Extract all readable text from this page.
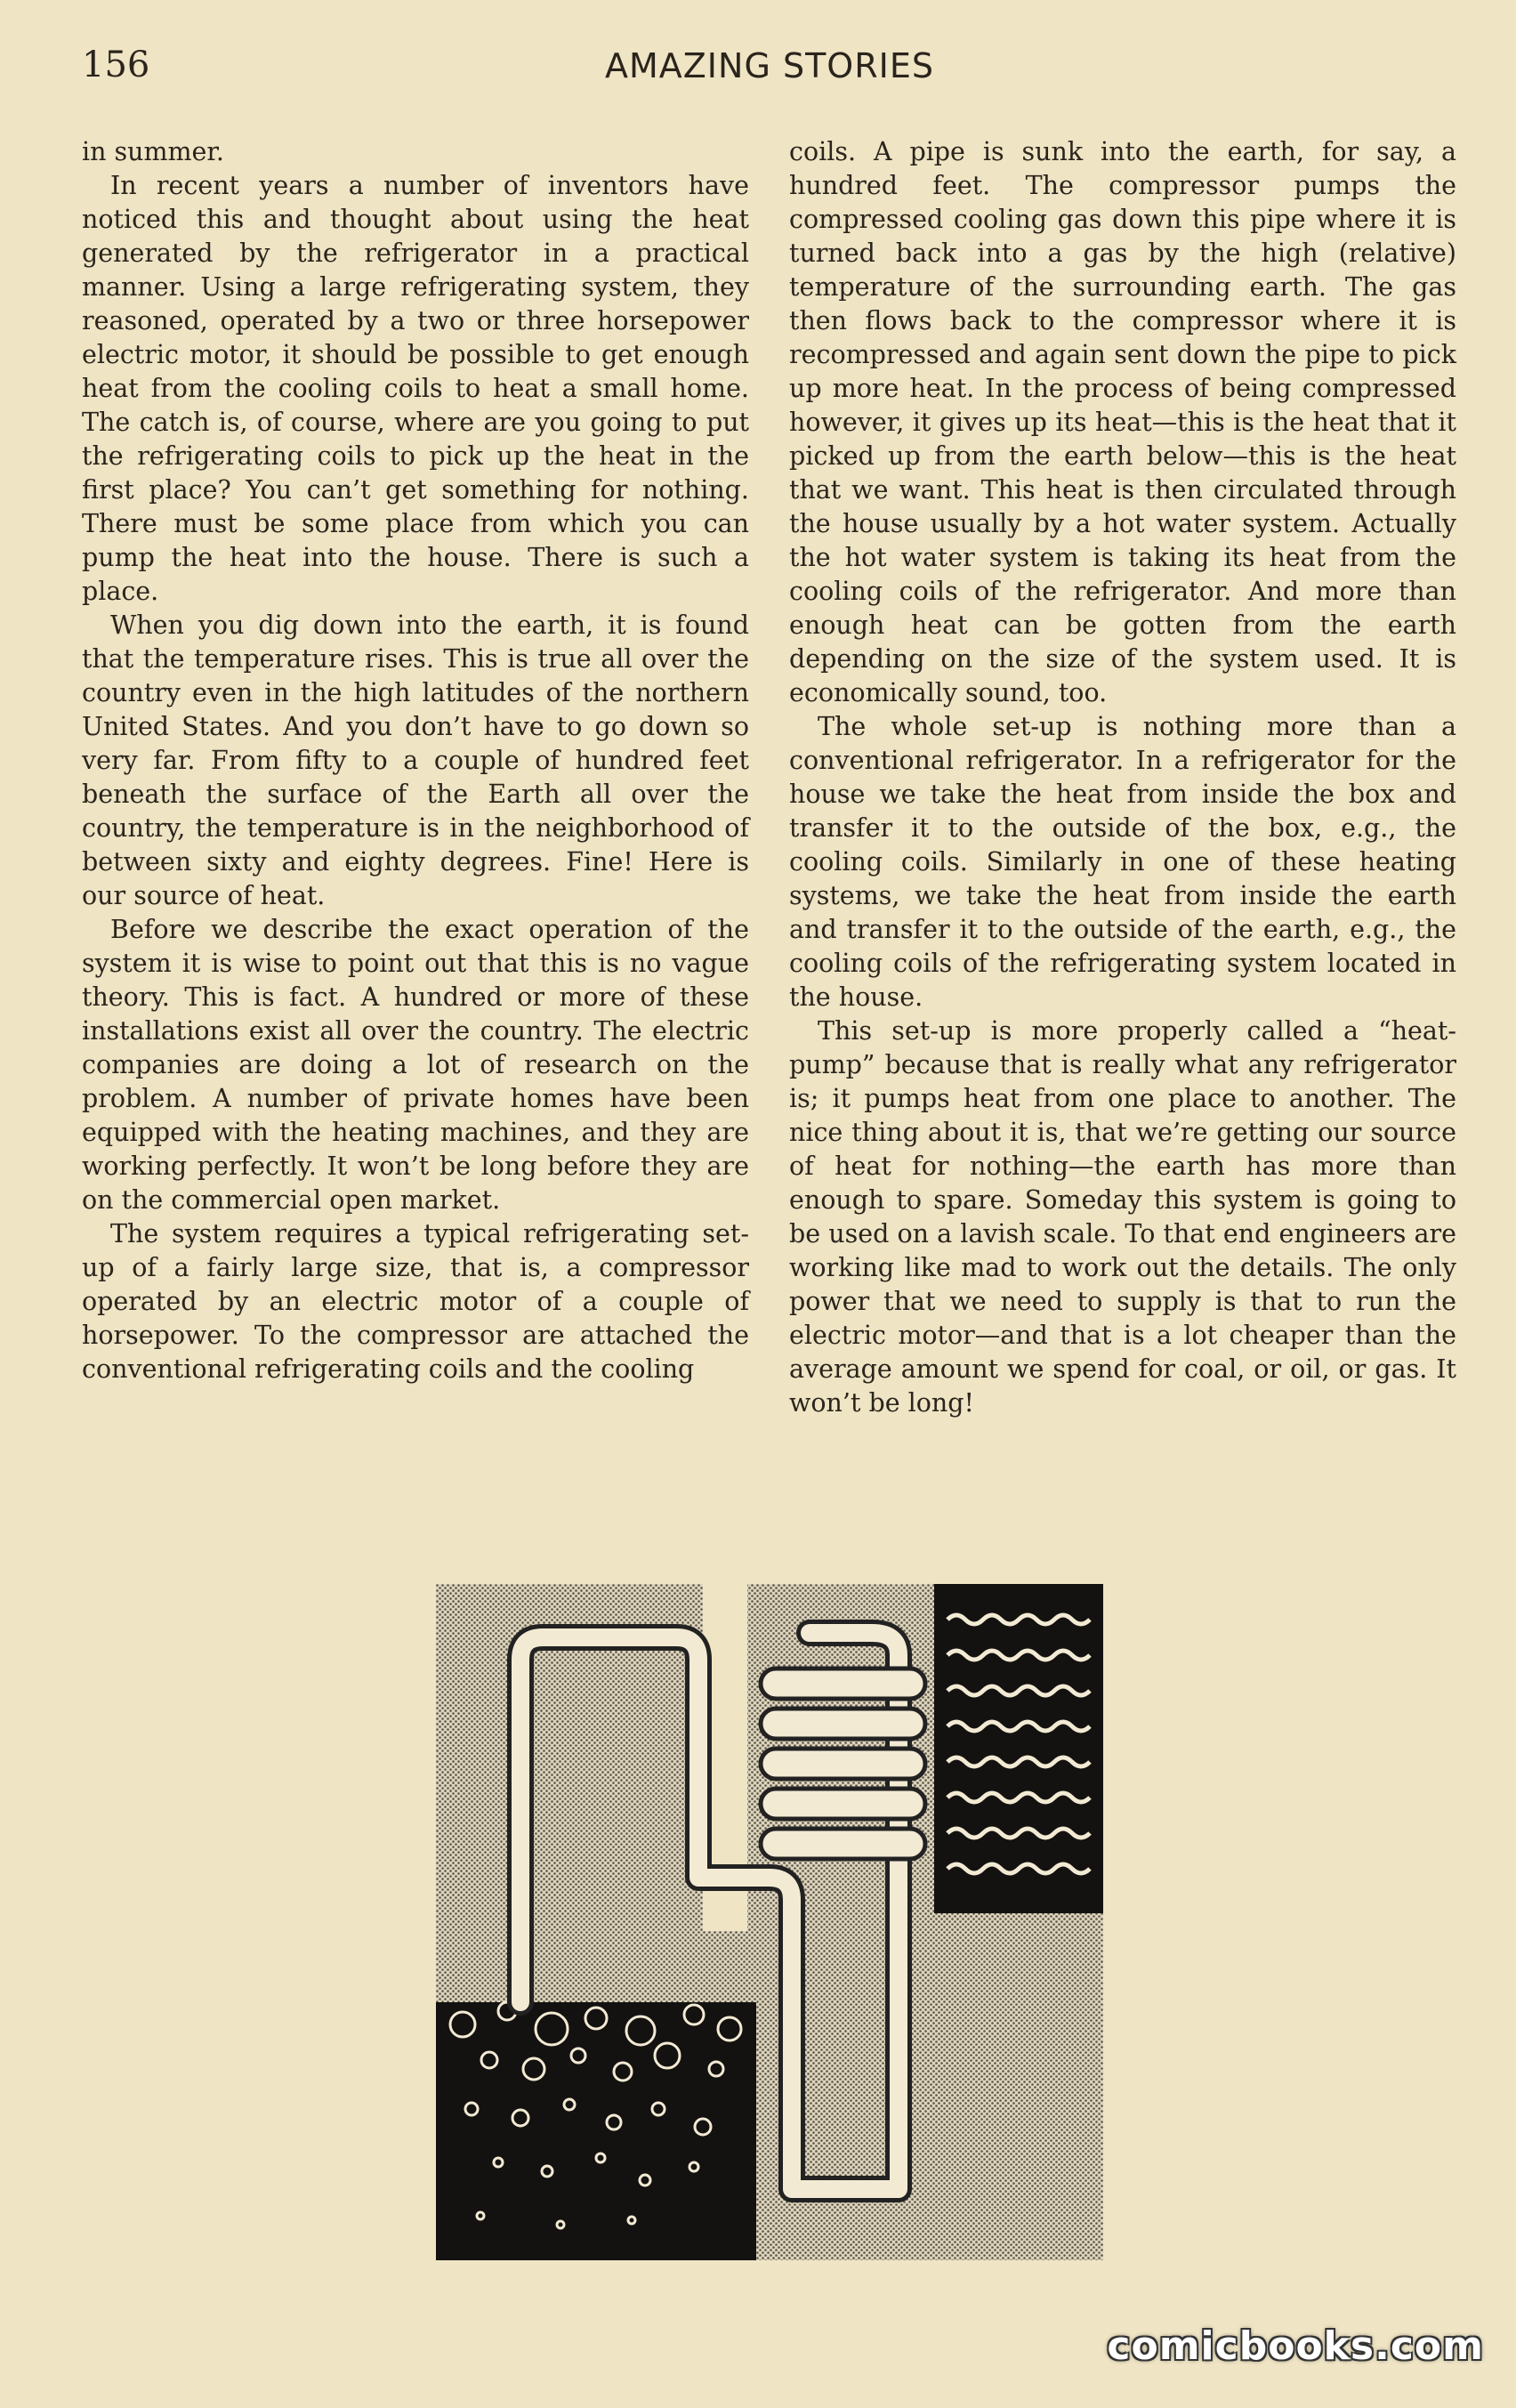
156	AMAZING STORIES

in summer.

In recent years a number of inventors have noticed this and thought about using the heat generated by the refrigerator in a practical manner. Using a large refrigerating system, they reasoned, operated by a two or three horsepower electric motor, it should be possible to get enough heat from the cooling coils to heat a small home. The catch is, of course, where are you going to put the refrigerating coils to pick up the heat in the first place? You can’t get something for nothing. There must be some place from which you can pump the heat into the house. There is such a place.

When you dig down into the earth, it is found that the temperature rises. This is true all over the country even in the high latitudes of the northern United States. And you don’t have to go down so very far. From fifty to a couple of hundred feet beneath the surface of the Earth all over the country, the temperature is in the neighborhood of between sixty and eighty degrees. Fine! Here is our source of heat.

Before we describe the exact operation of the system it is wise to point out that this is no vague theory. This is fact. A hundred or more of these installations exist all over the country. The electric companies are doing a lot of research on the problem. A number of private homes have been equipped with the heating machines, and they are working perfectly. It won’t be long before they are on the commercial open market.

The system requires a typical refrigerating set-up of a fairly large size, that is, a compressor operated by an electric motor of a couple of horsepower. To the compressor are attached the conventional refrigerating coils and the cooling

coils. A pipe is sunk into the earth, for say, a hundred feet. The compressor pumps the compressed cooling gas down this pipe where it is turned back into a gas by the high (relative) temperature of the surrounding earth. The gas then flows back to the compressor where it is recompressed and again sent down the pipe to pick up more heat. In the process of being compressed however, it gives up its heat—this is the heat that it picked up from the earth below—this is the heat that we want. This heat is then circulated through the house usually by a hot water system. Actually the hot water system is taking its heat from the cooling coils of the refrigerator. And more than enough heat can be gotten from the earth depending on the size of the system used. It is economically sound, too.

The whole set-up is nothing more than a conventional refrigerator. In a refrigerator for the house we take the heat from inside the box and transfer it to the outside of the box, e.g., the cooling coils. Similarly in one of these heating systems, we take the heat from inside the earth and transfer it to the outside of the earth, e.g., the cooling coils of the refrigerating system located in the house.

This set-up is more properly called a “heat-pump” because that is really what any refrigerator is; it pumps heat from one place to another. The nice thing about it is, that we’re getting our source of heat for nothing—the earth has more than enough to spare. Someday this system is going to be used on a lavish scale. To that end engineers are working like mad to work out the details. The only power that we need to supply is that to run the electric motor—and that is a lot cheaper than the average amount we spend for coal, or oil, or gas. It won’t be long!

comicbooks.com
